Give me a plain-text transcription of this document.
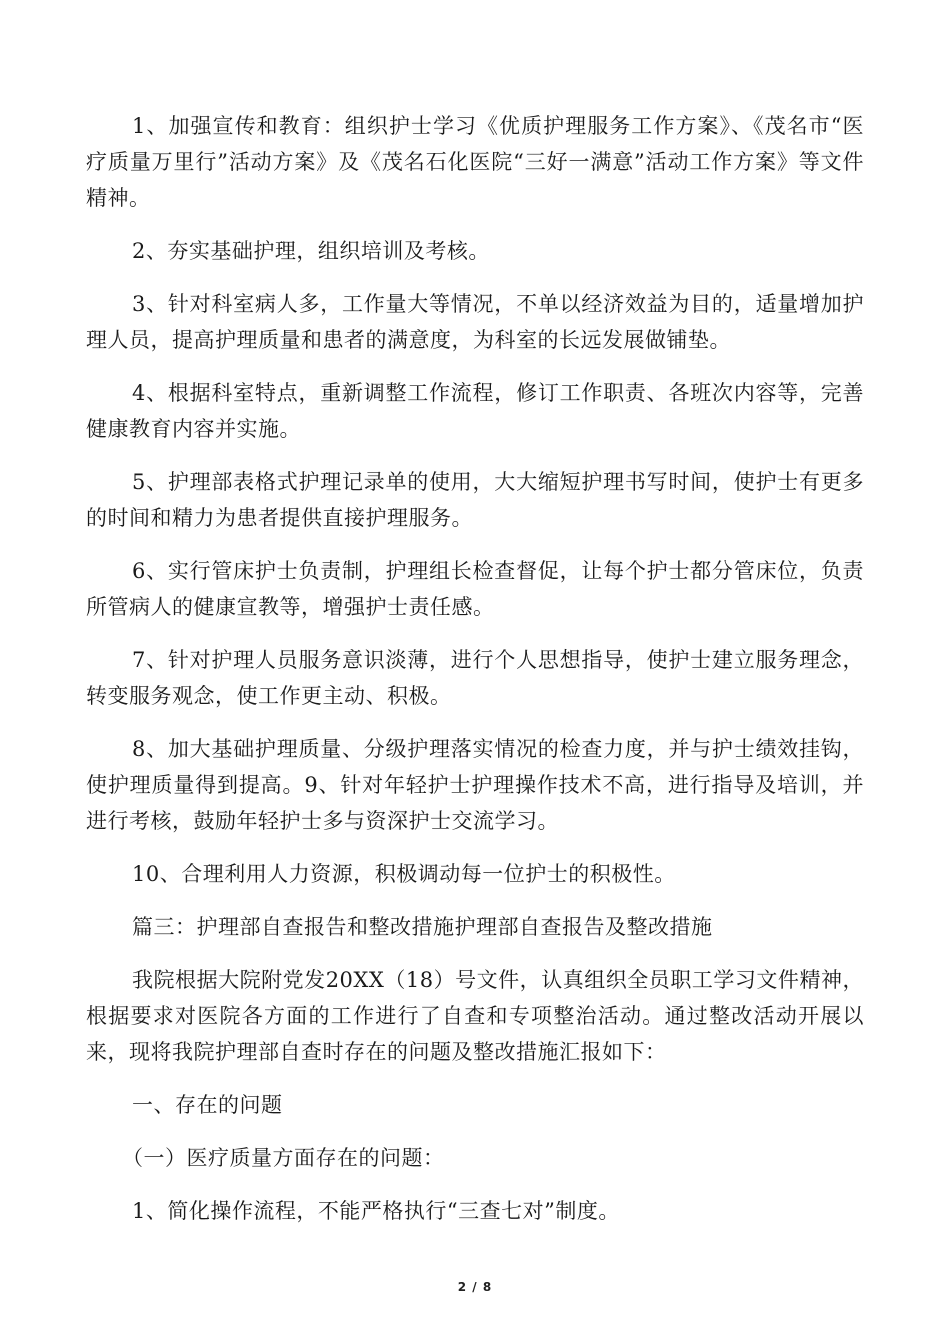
1、加强宣传和教育：组织护士学习《优质护理服务工作方案》、《茂名市“医疗质量万里行”活动方案》及《茂名石化医院“三好一满意”活动工作方案》等文件精神。

2、夯实基础护理，组织培训及考核。

3、针对科室病人多，工作量大等情况，不单以经济效益为目的，适量增加护理人员，提高护理质量和患者的满意度，为科室的长远发展做铺垫。

4、根据科室特点，重新调整工作流程，修订工作职责、各班次内容等，完善健康教育内容并实施。

5、护理部表格式护理记录单的使用，大大缩短护理书写时间，使护士有更多的时间和精力为患者提供直接护理服务。

6、实行管床护士负责制，护理组长检查督促，让每个护士都分管床位，负责所管病人的健康宣教等，增强护士责任感。

7、针对护理人员服务意识淡薄，进行个人思想指导，使护士建立服务理念，转变服务观念，使工作更主动、积极。

8、加大基础护理质量、分级护理落实情况的检查力度，并与护士绩效挂钩，使护理质量得到提高。9、针对年轻护士护理操作技术不高，进行指导及培训，并进行考核，鼓励年轻护士多与资深护士交流学习。

10、合理利用人力资源，积极调动每一位护士的积极性。

篇三：护理部自查报告和整改措施护理部自查报告及整改措施

我院根据大院附党发20XX（18）号文件，认真组织全员职工学习文件精神，根据要求对医院各方面的工作进行了自查和专项整治活动。通过整改活动开展以来，现将我院护理部自查时存在的问题及整改措施汇报如下：

一、存在的问题

（一）医疗质量方面存在的问题：

1、简化操作流程，不能严格执行“三查七对”制度。

2 / 8
